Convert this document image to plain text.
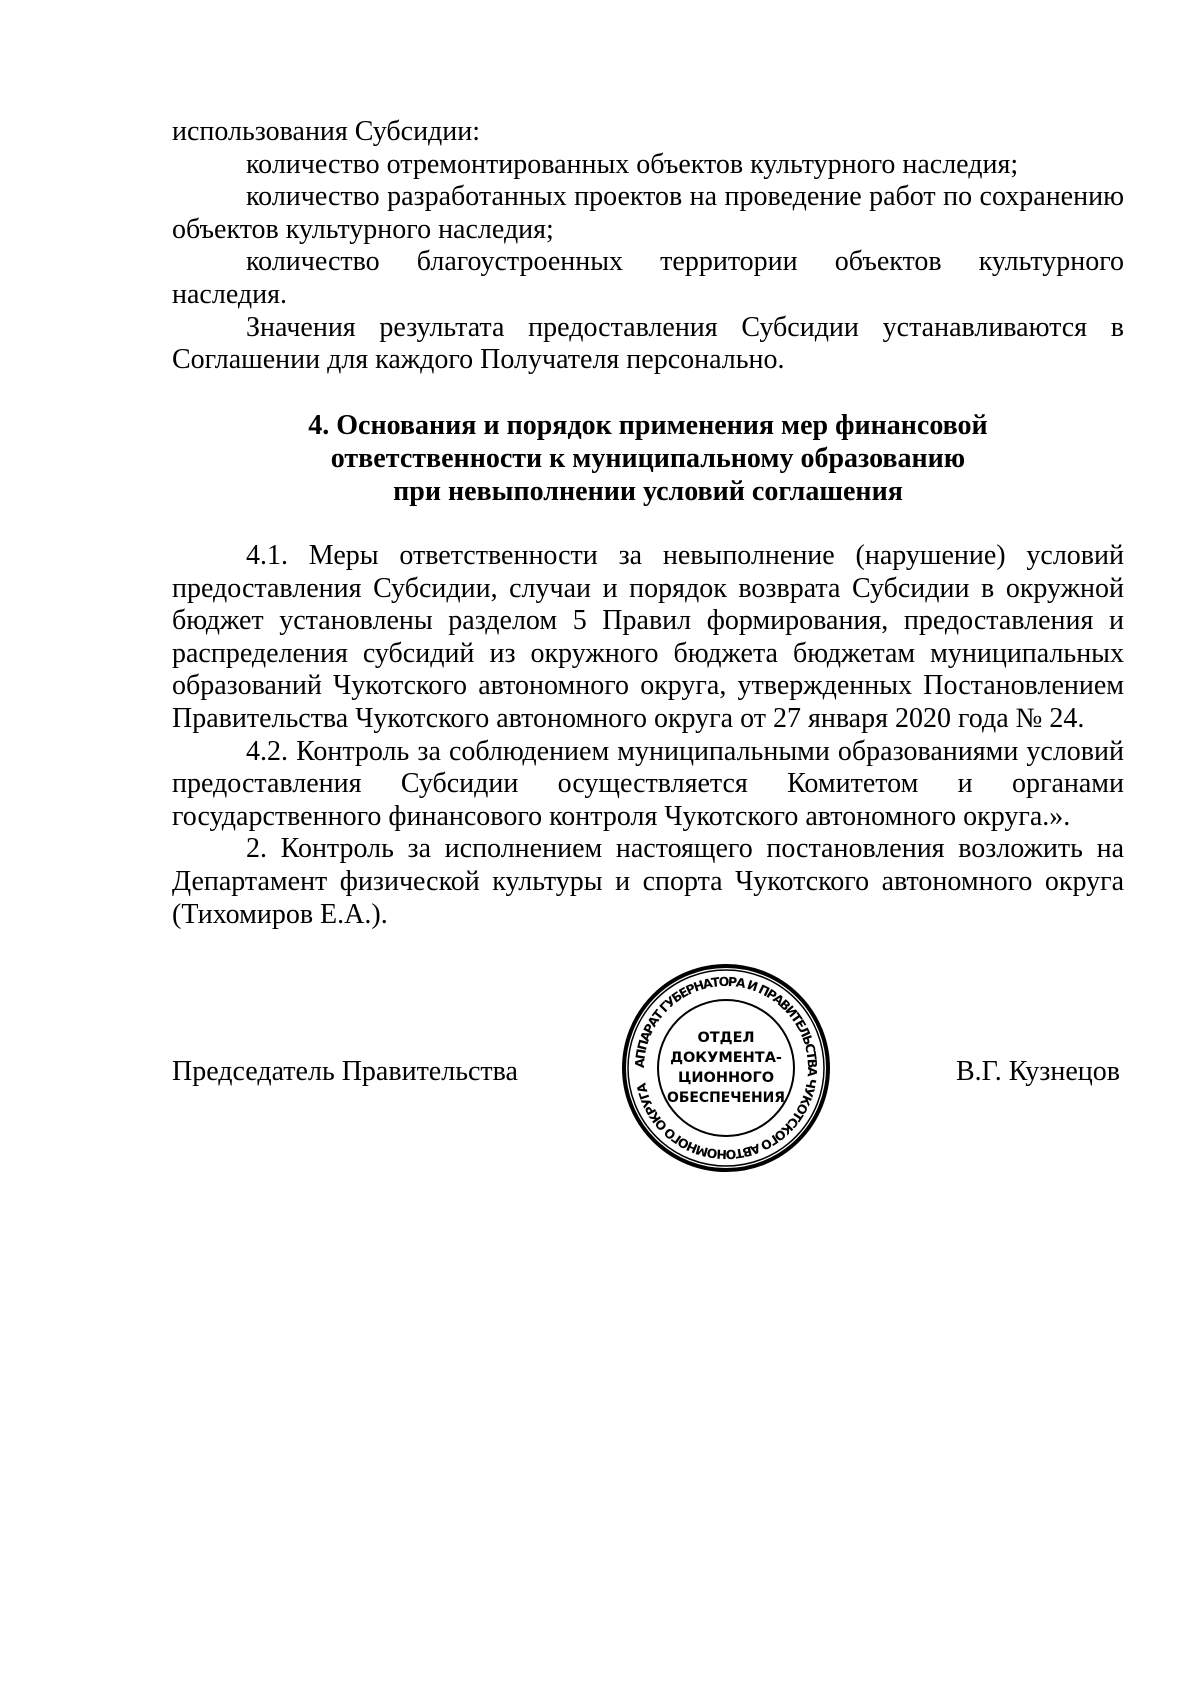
использования Субсидии:

количество отремонтированных объектов культурного наследия;

количество разработанных проектов на проведение работ по сохранению объектов культурного наследия;

количество благоустроенных территории объектов культурного наследия.

Значения результата предоставления Субсидии устанавливаются в Соглашении для каждого Получателя персонально.

4. Основания и порядок применения мер финансовой
ответственности к муниципальному образованию
при невыполнении условий соглашения

4.1. Меры ответственности за невыполнение (нарушение) условий предоставления Субсидии, случаи и порядок возврата Субсидии в окружной бюджет установлены разделом 5 Правил формирования, предоставления и распределения субсидий из окружного бюджета бюджетам муниципальных образований Чукотского автономного округа, утвержденных Постановлением Правительства Чукотского автономного округа от 27 января 2020 года № 24.

4.2. Контроль за соблюдением муниципальными образованиями условий предоставления Субсидии осуществляется Комитетом и органами государственного финансового контроля Чукотского автономного округа.».

2. Контроль за исполнением настоящего постановления возложить на Департамент физической культуры и спорта Чукотского автономного округа (Тихомиров Е.А.).

Председатель Правительства	АППАРАТ ГУБЕРНАТОРА И ПРАВИТЕЛЬСТВА ЧУКОТСКОГО АВТОНОМНОГО ОКРУГА
ОТДЕЛ
ДОКУМЕНТА-
ЦИОННОГО
ОБЕСПЕЧЕНИЯ
В.Г. Кузнецов
